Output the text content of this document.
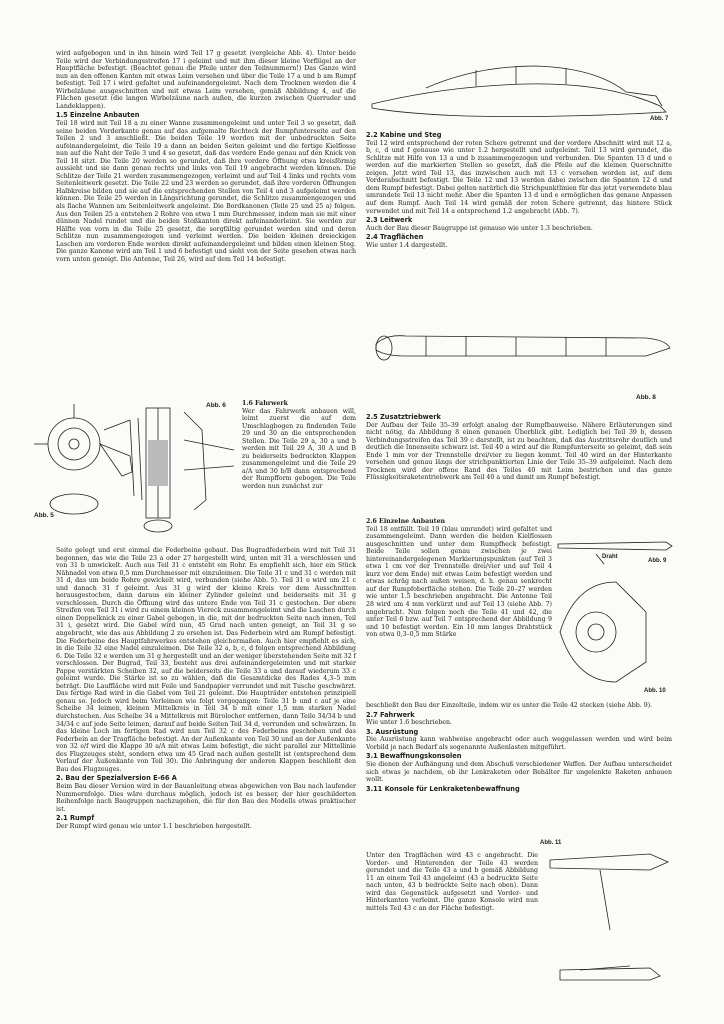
wird aufgebogen und in ihn hinein wird Teil 17 g gesetzt (vergleiche Abb. 4). Unter beide Teile wird der Verbindungsstreifen 17 i geleimt und mit ihm dieser kleine Vorflügel an der Hauptfläche befestigt. (Beachtet genau die Pfeile unter den Teilnummern!) Das Ganze wird nun an den offenen Kanten mit etwas Leim versehen und über die Teile 17 a und b am Rumpf befestigt. Teil 17 i wird gefaltet und aufeinandergeleimt. Nach dem Trocknen werden die 4 Wirbelzäune ausgeschnitten und mit etwas Leim versehen, gemäß Abbildung 4, auf die Flächen gesetzt (die langen Wirbelzäune nach außen, die kurzen zwischen Querruder und Landeklappen).

1.5 Einzelne Anbauten

Teil 18 wird mit Teil 18 a zu einer Wanne zusammengeleimt und unter Teil 3 so gesetzt, daß seine beiden Vorderkante genau auf das aufgemalte Rechteck der Rumpfunterseite auf den Teilen 2 und 3 anschließt. Die beiden Teile 19 werden mit der unbedruckten Seite aufeinandergeleimt, die Teile 19 a dann an beiden Seiten geleimt und die fertige Kielflosse nun auf die Naht der Teile 3 und 4 so gesetzt, daß das vordere Ende genau auf den Knick von Teil 18 sitzt. Die Teile 20 werden so gerundet, daß ihre vordere Öffnung etwa kreisförmig aussieht und sie dann genau rechts und links von Teil 19 angebracht werden können. Die Schlitze der Teile 21 werden zusammengezogen, verleimt und auf Teil 4 links und rechts vom Seitenleitwerk gesetzt. Die Teile 22 und 23 werden so gerundet, daß ihre vorderen Öffnungen Halbkreise bilden und sie auf die entsprechenden Stellen von Teil 4 und 3 aufgeleimt werden können. Die Teile 25 werden in Längsrichtung gerundet, die Schlitze zusammengezogen und als flache Wannen am Seitenleitwerk angeleimt. Die Bordkanonen (Teile 25 und 25 a) folgen. Aus den Teilen 25 a entstehen 2 Rohre von etwa 1 mm Durchmesser, indem man sie mit einer dünnen Nadel rundet und die beiden Stoßkanten direkt aufeinanderleimt. Sie werden zur Hälfte von vorn in die Teile 25 gesetzt, die sorgfältig gerundet werden sind und deren Schlitze nun zusammengezogen und verleimt werden. Die beiden kleinen dreieckigen Laschen am vorderen Ende werden direkt aufeinandergeleimt und bilden einen kleinen Steg. Die ganze Kanone wird am Teil 1 und 6 befestigt und sieht von der Seite gesehen etwas nach vorn unten geneigt. Die Antenne, Teil 26, wird auf dem Teil 14 befestigt.

Abb. 5
Abb. 6	1.6 Fahrwerk

Wer das Fahrwerk anbauen will, leimt zuerst die auf dem Umschlagbogen zu findenden Teile 29 und 30 an die entsprechenden Stellen. Die Teile 29 a, 30 a und b werden mit Teil 29 A, 30 A und B zu beiderseits bedruckten Klappen zusammengeleimt und die Teile 29 a/A und 30 b/B dann entsprechend der Rumpfform gebogen. Die Teile werden nun zunächst zur

Seite gelegt und erst einmal die Federbeine gebaut. Das Bugradfederbein wird mit Teil 31 begonnen, das wie die Teile 23 a oder 27 hergestellt wird, unten mit 31 a verschlossen und von 31 b umwickelt. Auch aus Teil 31 c entsteht ein Rohr. Es empfiehlt sich, hier ein Stück Nähnadel von etwa 0,5 mm Durchmesser mit einzuleimen. Die Teile 31 c und 31 c werden mit 31 d, das um beide Rohre gewickelt wird, verbunden (siehe Abb. 5). Teil 31 e wird um 21 c und danach 31 f geleimt. Aus 31 g wird der kleine Kreis vor dem Ausschnitten herausgestochen, dann daraus ein kleiner Zylinder geleimt und beiderseits mit 31 g verschlossen. Durch die Öffnung wird das untere Ende von Teil 31 c gestochen. Der obere Streifen von Teil 31 i wird zu einem kleinen Viereck zusammengeleimt und die Laschen durch einen Doppelknick zu einer Gabel gebogen, in die, mit der bedruckten Seite nach innen, Teil 31 i, gesetzt wird. Die Gabel wird nun, 45 Grad nach unten geneigt, an Teil 31 g so angebracht, wie das aus Abbildung 2 zu ersehen ist. Das Federbein wird am Rumpf befestigt. Die Federbeine des Hauptfahrwerkes entstehen gleichermaßen. Auch hier empfiehlt es sich, in die Teile 32 eine Nadel einzuleimen. Die Teile 32 a, b, c, d folgen entsprechend Abbildung 6. Die Teile 32 e werden um 31 g hergestellt und an der weniger überstehenden Seite mit 32 f verschlossen. Der Bugrad, Teil 33, besteht aus drei aufeinandergeleimten und mit starker Pappe verstärkten Scheiben 32, auf die beiderseits die Teile 33 a und darauf wiederum 33 c geleimt wurde. Die Stärke ist so zu wählen, daß die Gesamtdicke des Rades 4,3–5 mm beträgt. Die Lauffläche wird mit Feile und Sandpapier verrundet und mit Tusche geschwärzt. Das fertige Rad wird in die Gabel vom Teil 21 geleimt. Die Haupträder entstehen prinzipiell genau so. Jedoch wird beim Verleimen wie folgt vorgegangen: Teile 31 b und c auf je eine Scheibe 34 leimen, kleinen Mittelkreis in Teil 34 b mit einer 1,5 mm starken Nadel durchstechen. Aus Scheibe 34 a Mittelkreis mit Bürolocher entfernen, dann Teile 34/34 b und 34/34 c auf jede Seite leimen, darauf auf beide Seiten Teil 34 d, verrunden und schwärzen. In das kleine Loch im fertigen Rad wird nun Teil 32 c des Federbeins geschoben und das Federbein an der Tragfläche befestigt. An der Außenkante von Teil 30 und an der Außenkante von 32 e/f wird die Klappe 30 a/A mit etwas Leim befestigt, die nicht parallel zur Mittellinie des Flugzeuges steht, sondern etwa um 45 Grad nach außen gestellt ist (entsprechend dem Verlauf der Außenkante von Teil 30). Die Anbringung der anderen Klappen beschließt den Bau des Flugzeuges.

2. Bau der Spezialversion E-66 A

Beim Bau dieser Version wird in der Bauanleitung etwas abgewichen von Bau nach laufender Nummernfolge. Dies wäre durchaus möglich, jedoch ist es besser, der hier geschilderten Reihenfolge nach Baugruppen nachzugehen, die für den Bau des Modells etwas praktischer ist.

2.1 Rumpf

Der Rumpf wird genau wie unter 1.1 beschrieben hergestellt.

Abb. 7
2.2 Kabine und Steg

Teil 12 wird entsprechend der roten Schere getrennt und der vordere Abschnitt wird mit 12 a, b, c, d und f genauso wie unter 1.2 hergestellt und aufgeleimt. Teil 13 wird gerundet, die Schlitze mit Hilfe von 13 a und b zusammengezogen und verbunden. Die Spanten 13 d und e werden auf die markierten Stellen so gesetzt, daß die Pfeile auf die kleinen Querschnitte zeigen. Jetzt wird Teil 13, das inzwischen auch mit 13 c versehen worden ist, auf dem Vorderabschnitt befestigt. Die Teile 12 und 13 werden dabei zwischen die Spanten 12 d und dem Rumpf befestigt. Dabei gelten natürlich die Strichpunktlinien für das jetzt verwendete blau umrandete Teil 13 nicht mehr. Aber die Spanten 13 d und e ermöglichen das genaue Anpassen auf dem Rumpf. Auch Teil 14 wird gemäß der roten Schere getrennt, das hintere Stück verwendet und mit Teil 14 a entsprechend 1.2 angebracht (Abb. 7).

2.3 Leitwerk

Auch der Bau dieser Baugruppe ist genauso wie unter 1.3 beschrieben.

2.4 Tragflächen

Wie unter 1.4 dargestellt.

Abb. 8
2.5 Zusatztriebwerk

Der Aufbau der Teile 35–39 erfolgt analog der Rumpfbauweise. Nähere Erläuterungen sind nicht nötig, da Abbildung 8 einen genauen Überblick gibt. Lediglich bei Teil 39 b, dessen Verbindungsstreifen das Teil 39 c darstellt, ist zu beachten, daß das Austrittsrohr deutlich und deutlich die Innenseite schwarz ist. Teil 40 a wird auf die Rumpfunterseite so geleimt, daß sein Ende 1 mm vor der Trennstelle drei/vier zu liegen kommt. Teil 40 wird an der Hinterkante versehen und genau längs der strichpunktierten Linie der Teile 35–39 aufgeleimt. Nach dem Trocknen wird der offene Rand des Teiles 40 mit Leim bestrichen und das ganze Flüssigkeitsraketentriebwerk am Teil 40 a und damit am Rumpf befestigt.

2.6 Einzelne Anbauten

Teil 18 entfällt. Teil 19 (blau umrandet) wird gefaltet und zusammengeleimt. Dann werden die beiden Kielflossen ausgeschnitten und unter dem Rumpfheck befestigt. Beide Teile sollen genau zwischen je zwei hintereinandergelegenen Markierungspunkten (auf Teil 3 etwa 1 cm vor der Trennstelle drei/vier und auf Teil 4 kurz vor dem Ende) mit etwas Leim befestigt werden und etwas schräg nach außen weisen, d. h. genau senkrecht auf der Rumpfoberfläche stehen. Die Teile 20–27 werden wie unter 1.5 beschrieben angebracht. Die Antenne Teil 28 wird um 4 mm verkürzt und auf Teil 13 (siehe Abb. 7) angebracht. Nun folgen noch die Teile 41 und 42, die unter Teil 6 bzw. auf Teil 7 entsprechend der Abbildung 9 und 10 befestigt werden. Ein 10 mm langes Drahtstück von etwa 0,3–0,5 mm Stärke

Draht
Abb. 9
Abb. 10

beschließt den Bau der Einzelteile, indem wir es unter die Teile 42 stecken (siehe Abb. 9).

2.7 Fahrwerk

Wie unter 1.6 beschrieben.

3. Ausrüstung

Die Ausrüstung kann wahlweise angebracht oder auch weggelassen werden und wird beim Vorbild je nach Bedarf als sogenannte Außenlasten mitgeführt.

3.1 Bewaffnungskonsolen

Sie dienen der Aufhängung und dem Abschuß verschiedener Waffen. Der Aufbau unterscheidet sich etwas je nachdem, ob ihr Lenkraketen oder Behälter für ungelenkte Raketen anbauen wollt.

3.11 Konsole für Lenkraketenbewaffnung
Abb. 11

Unter den Tragflächen wird 43 c angebracht. Die Vorder- und Hinterenden der Teile 43 werden gerundet und die Teile 43 a und b gemäß Abbildung 11 an einem Teil 43 angeleimt (43 a bedruckte Seite nach unten, 43 b bedruckte Seite nach oben). Dann wird das Gegenstück aufgesetzt und Vorder- und Hinterkanten verleimt. Die ganze Konsole wird nun mittels Teil 43 c an der Fläche befestigt.
